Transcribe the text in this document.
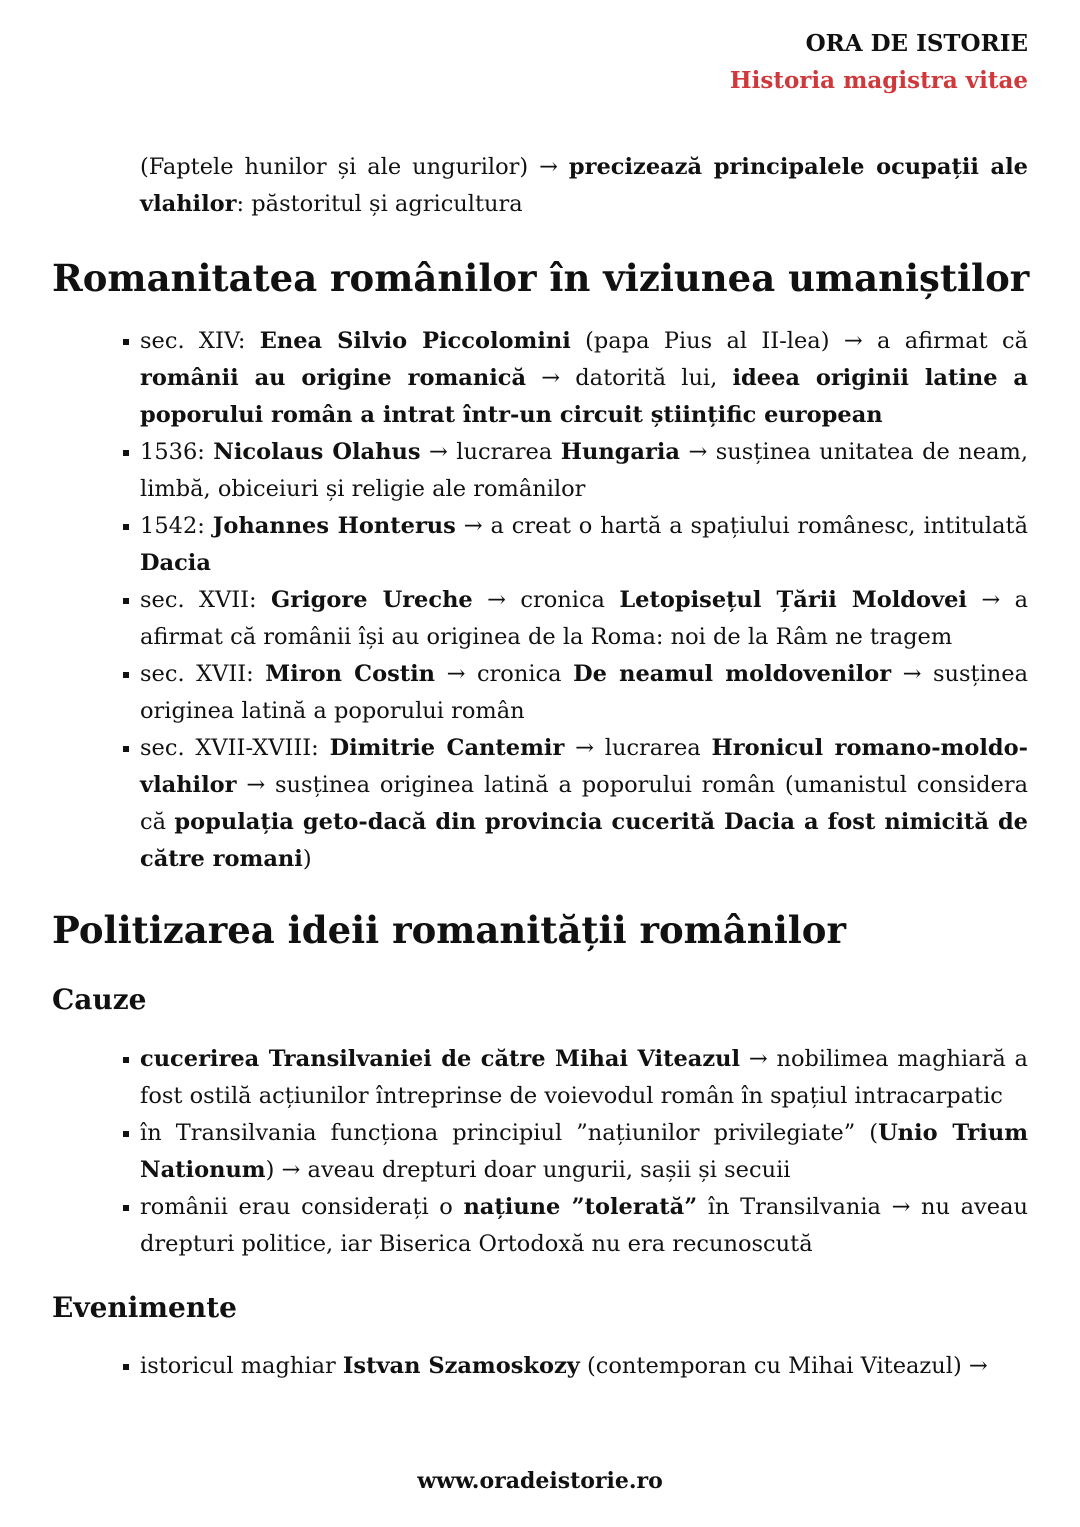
ORA DE ISTORIE
Historia magistra vitae
(Faptele hunilor și ale ungurilor) → precizează principalele ocupații ale vlahilor: păstoritul și agricultura
Romanitatea românilor în viziunea umaniștilor
sec. XIV: Enea Silvio Piccolomini (papa Pius al II-lea) → a afirmat că românii au origine romanică → datorită lui, ideea originii latine a poporului român a intrat într-un circuit științific european
1536: Nicolaus Olahus → lucrarea Hungaria → susținea unitatea de neam, limbă, obiceiuri și religie ale românilor
1542: Johannes Honterus → a creat o hartă a spațiului românesc, intitulată Dacia
sec. XVII: Grigore Ureche → cronica Letopisețul Țării Moldovei → a afirmat că românii își au originea de la Roma: noi de la Râm ne tragem
sec. XVII: Miron Costin → cronica De neamul moldovenilor → susținea originea latină a poporului român
sec. XVII-XVIII: Dimitrie Cantemir → lucrarea Hronicul romano-moldo-vlahilor → susținea originea latină a poporului român (umanistul considera că populația geto-dacă din provincia cucerită Dacia a fost nimicită de către romani)
Politizarea ideii romanității românilor
Cauze
cucerirea Transilvaniei de către Mihai Viteazul → nobilimea maghiară a fost ostilă acțiunilor întreprinse de voievodul român în spațiul intracarpatic
în Transilvania funcționa principiul ”națiunilor privilegiate” (Unio Trium Nationum) → aveau drepturi doar ungurii, sașii și secuii
românii erau considerați o națiune ”tolerată” în Transilvania → nu aveau drepturi politice, iar Biserica Ortodoxă nu era recunoscută
Evenimente
istoricul maghiar Istvan Szamoskozy (contemporan cu Mihai Viteazul) →
www.oradeistorie.ro
